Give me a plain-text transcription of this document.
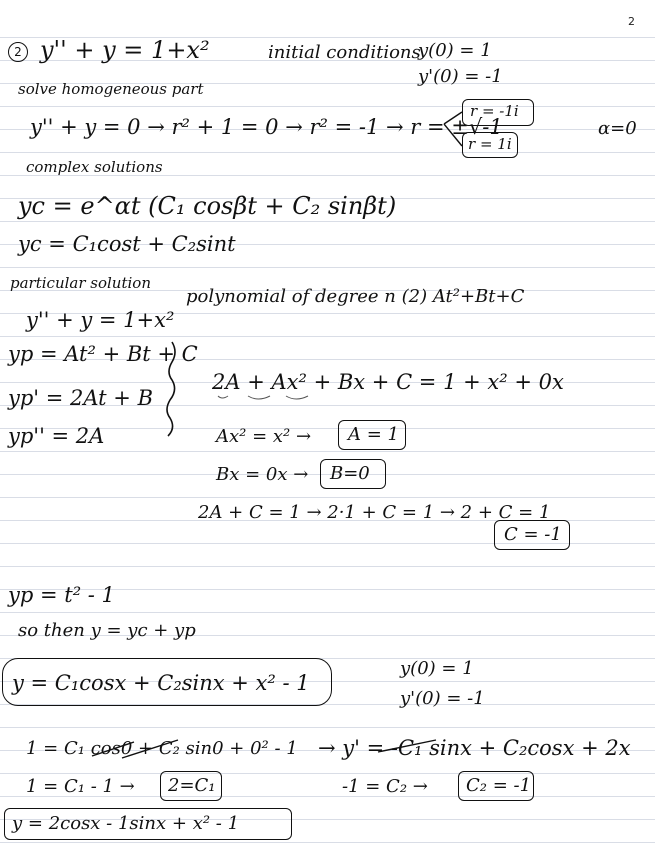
2
2 y'' + y = 1+x²	initial conditions
y(0) = 1
y'(0) = -1
solve homogeneous part
y'' + y = 0 → r² + 1 = 0 → r² = -1 → r = ±√-1
r = -1i
r = 1i
α=0
complex solutions
yc = e^αt (C₁ cosβt + C₂ sinβt)
yc = C₁cost + C₂sint
particular solution
y'' + y = 1+x²
polynomial of degree n (2) At²+Bt+C
yp = At² + Bt + C
yp' = 2At + B
yp'' = 2A
2A + Ax² + Bx + C = 1 + x² + 0x
Ax² = x² → A = 1
Bx = 0x → B=0
2A + C = 1 → 2·1 + C = 1 → 2 + C = 1
C = -1
yp = t² - 1
so then y = yc + yp
y = C₁cosx + C₂sinx + x² - 1
y(0) = 1
y'(0) = -1
1 = C₁ cos0 + C₂ sin0 + 0² - 1 → y' = -C₁ sinx + C₂cosx + 2x
1 = C₁ - 1 → 2=C₁	-1 = C₂ → C₂ = -1
y = 2cosx - 1sinx + x² - 1
